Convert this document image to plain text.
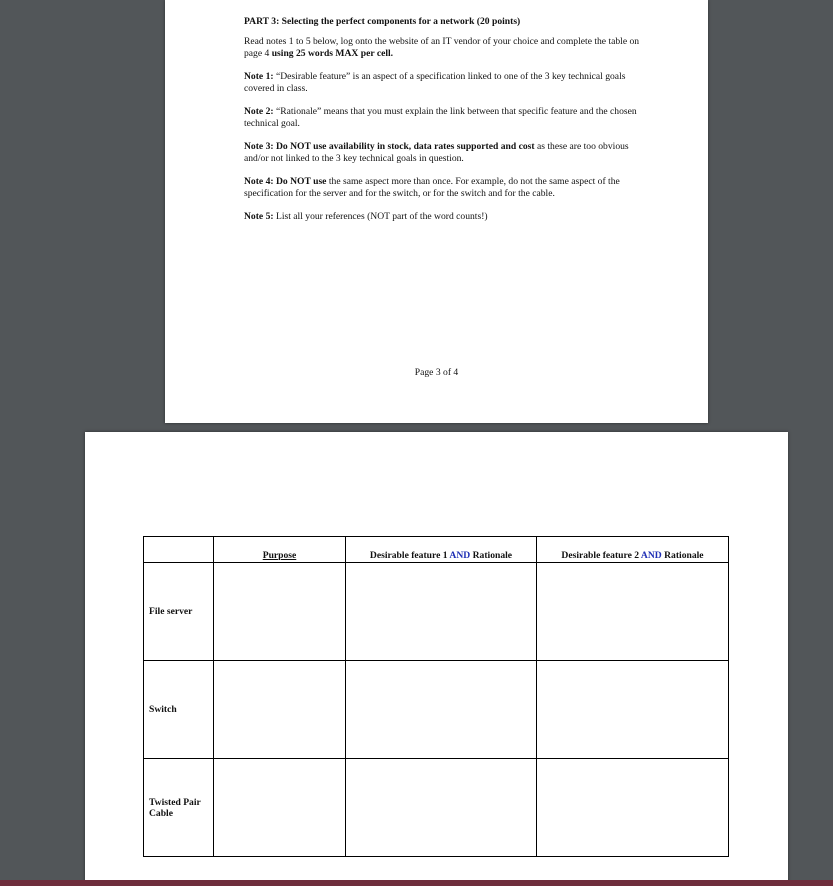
PART 3: Selecting the perfect components for a network (20 points)

Read notes 1 to 5 below, log onto the website of an IT vendor of your choice and complete the table on page 4 using 25 words MAX per cell.

Note 1: “Desirable feature” is an aspect of a specification linked to one of the 3 key technical goals covered in class.

Note 2: “Rationale” means that you must explain the link between that specific feature and the chosen technical goal.

Note 3: Do NOT use availability in stock, data rates supported and cost as these are too obvious and/or not linked to the 3 key technical goals in question.

Note 4: Do NOT use the same aspect more than once. For example, do not the same aspect of the specification for the server and for the switch, or for the switch and for the cable.

Note 5: List all your references (NOT part of the word counts!)

Page 3 of 4
	Purpose	Desirable feature 1 AND Rationale	Desirable feature 2 AND Rationale
File server			
Switch			
Twisted Pair Cable			
